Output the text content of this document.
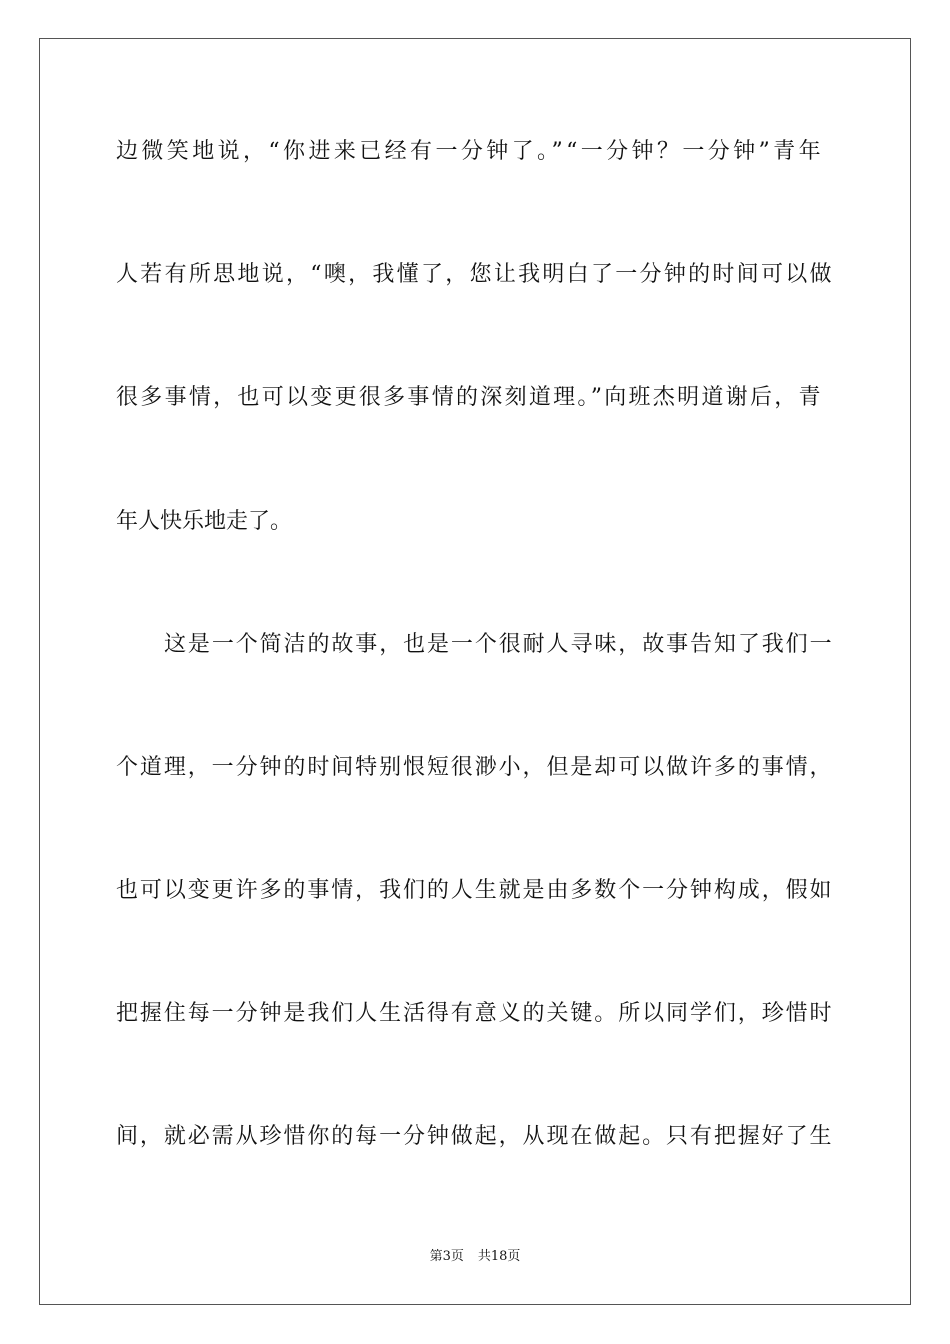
边微笑地说，“你进来已经有一分钟了。”“一分钟？一分钟”青年
人若有所思地说，“噢，我懂了，您让我明白了一分钟的时间可以做
很多事情，也可以变更很多事情的深刻道理。”向班杰明道谢后，青
年人快乐地走了。
这是一个简洁的故事，也是一个很耐人寻味，故事告知了我们一
个道理，一分钟的时间特别恨短很渺小，但是却可以做许多的事情，
也可以变更许多的事情，我们的人生就是由多数个一分钟构成，假如
把握住每一分钟是我们人生活得有意义的关键。所以同学们，珍惜时
间，就必需从珍惜你的每一分钟做起，从现在做起。只有把握好了生
第3页 共18页
